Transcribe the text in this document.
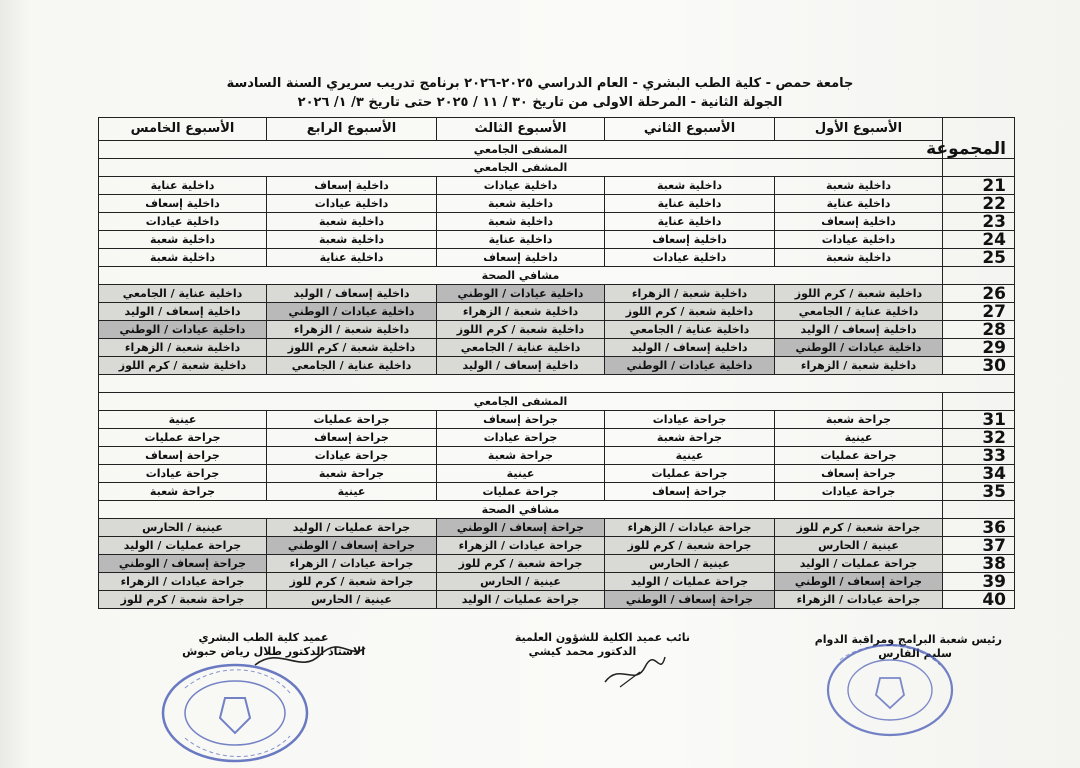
جامعة حمص - كلية الطب البشري - العام الدراسي ٢٠٢٥-٢٠٢٦ برنامج تدريب سريري السنة السادسة
الجولة الثانية - المرحلة الاولى من تاريخ ٣٠ / ١١ / ٢٠٢٥ حتى تاريخ ٣/ ١/ ٢٠٢٦
	الأسبوع الأول	الأسبوع الثاني	الأسبوع الثالث	الأسبوع الرابع	الأسبوع الخامس
المجموعة	المشفى الجامعي				
	المشفى الجامعي				
21	داخلية شعبة	داخلية شعبة	داخلية عيادات	داخلية إسعاف	داخلية عناية
22	داخلية عناية	داخلية عناية	داخلية شعبة	داخلية عيادات	داخلية إسعاف
23	داخلية إسعاف	داخلية عناية	داخلية شعبة	داخلية شعبة	داخلية عيادات
24	داخلية عيادات	داخلية إسعاف	داخلية عناية	داخلية شعبة	داخلية شعبة
25	داخلية شعبة	داخلية عيادات	داخلية إسعاف	داخلية عناية	داخلية شعبة
	مشافي الصحة				
26	داخلية شعبة / كرم اللوز	داخلية شعبة / الزهراء	داخلية عيادات / الوطني	داخلية إسعاف / الوليد	داخلية عناية / الجامعي
27	داخلية عناية / الجامعي	داخلية شعبة / كرم اللوز	داخلية شعبة / الزهراء	داخلية عيادات / الوطني	داخلية إسعاف / الوليد
28	داخلية إسعاف / الوليد	داخلية عناية / الجامعي	داخلية شعبة / كرم اللوز	داخلية شعبة / الزهراء	داخلية عيادات / الوطني
29	داخلية عيادات / الوطني	داخلية إسعاف / الوليد	داخلية عناية / الجامعي	داخلية شعبة / كرم اللوز	داخلية شعبة / الزهراء
30	داخلية شعبة / الزهراء	داخلية عيادات / الوطني	داخلية إسعاف / الوليد	داخلية عناية / الجامعي	داخلية شعبة / كرم اللوز

	المشفى الجامعي				
31	جراحة شعبة	جراحة عيادات	جراحة إسعاف	جراحة عمليات	عينية
32	عينية	جراحة شعبة	جراحة عيادات	جراحة إسعاف	جراحة عمليات
33	جراحة عمليات	عينية	جراحة شعبة	جراحة عيادات	جراحة إسعاف
34	جراحة إسعاف	جراحة عمليات	عينية	جراحة شعبة	جراحة عيادات
35	جراحة عيادات	جراحة إسعاف	جراحة عمليات	عينية	جراحة شعبة
	مشافي الصحة				
36	جراحة شعبة / كرم للوز	جراحة عيادات / الزهراء	جراحة إسعاف / الوطني	جراحة عمليات / الوليد	عينية / الحارس
37	عينية / الحارس	جراحة شعبة / كرم للوز	جراحة عيادات / الزهراء	جراحة إسعاف / الوطني	جراحة عمليات / الوليد
38	جراحة عمليات / الوليد	عينية / الحارس	جراحة شعبة / كرم للوز	جراحة عيادات / الزهراء	جراحة إسعاف / الوطني
39	جراحة إسعاف / الوطني	جراحة عمليات / الوليد	عينية / الحارس	جراحة شعبة / كرم للوز	جراحة عيادات / الزهراء
40	جراحة عيادات / الزهراء	جراحة إسعاف / الوطني	جراحة عمليات / الوليد	عينية / الحارس	جراحة شعبة / كرم للوز
رئيس شعبة البرامج ومراقبة الدوام
سليم الفارس
نائب عميد الكلية للشؤون العلمية
الدكتور محمد كيشي
عميد كلية الطب البشري
الاستاذ الدكتور طلال رياض حبوش
